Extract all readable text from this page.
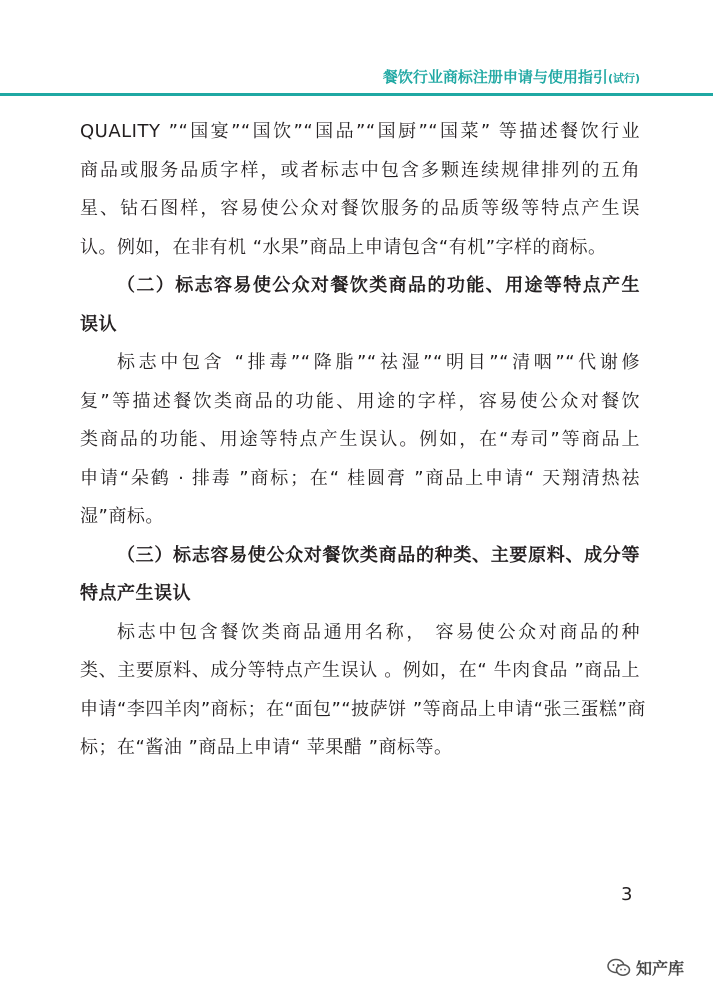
餐饮行业商标注册申请与使用指引(试行)
QUALITY ”“国宴”“国饮”“国品”“国厨”“国菜” 等描述餐饮行业
商品或服务品质字样，或者标志中包含多颗连续规律排列的五角
星、钻石图样，容易使公众对餐饮服务的品质等级等特点产生误
认。例如，在非有机 “水果”商品上申请包含“有机”字样的商标。
（二）标志容易使公众对餐饮类商品的功能、用途等特点产生
误认
标志中包含 “排毒”“降脂”“祛湿”“明目”“清咽”“代谢修
复”等描述餐饮类商品的功能、用途的字样，容易使公众对餐饮
类商品的功能、用途等特点产生误认。例如，在“寿司”等商品上
申请“朵鹤 · 排毒 ”商标；在“ 桂圆膏 ”商品上申请“ 天翔清热祛
湿”商标。
（三）标志容易使公众对餐饮类商品的种类、主要原料、成分等
特点产生误认
标志中包含餐饮类商品通用名称， 容易使公众对商品的种
类、主要原料、成分等特点产生误认 。例如，在“ 牛肉食品 ”商品上
申请“李四羊肉”商标；在“面包”“披萨饼 ”等商品上申请“张三蛋糕”商
标；在“酱油 ”商品上申请“ 苹果醋 ”商标等。
3
知产库
